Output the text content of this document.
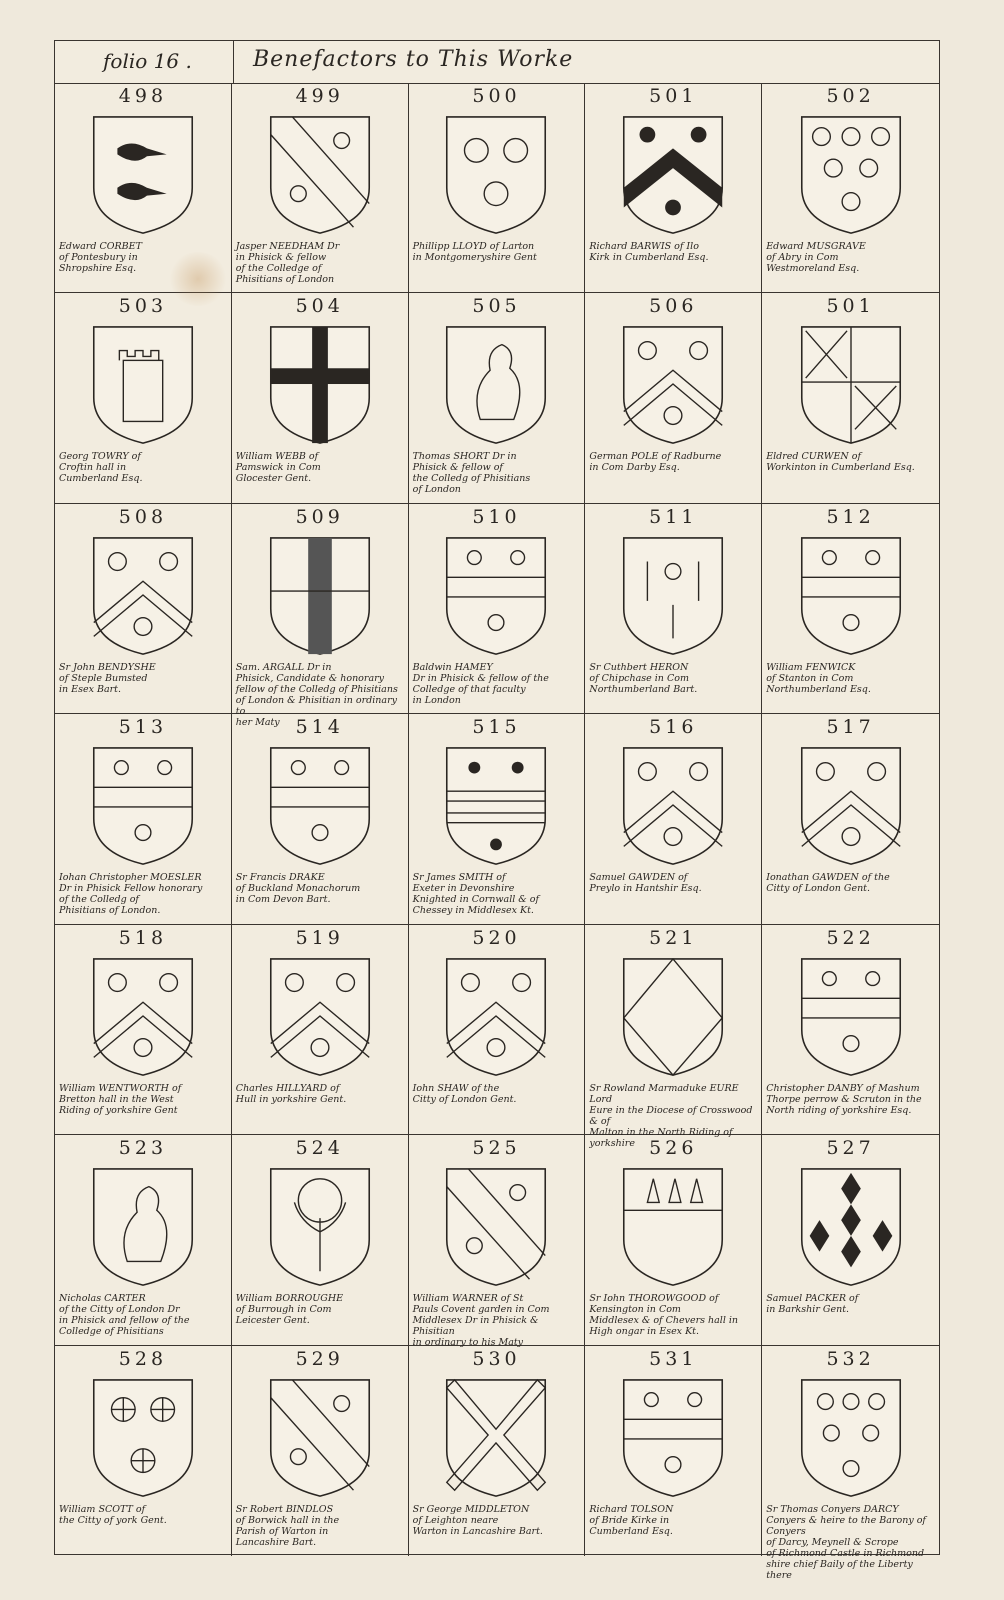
folio 16 .	Benefactors to This Worke
498
Edward CORBET
of Pontesbury in
Shropshire Esq.
499
Jasper NEEDHAM Dr
in Phisick & fellow
of the Colledge of
Phisitians of London
500
Phillipp LLOYD of Larton
in Montgomeryshire Gent
501
Richard BARWIS of Ilo
Kirk in Cumberland Esq.
502
Edward MUSGRAVE
of Abry in Com
Westmoreland Esq.
503
Georg TOWRY of
Croftin hall in
Cumberland Esq.
504
William WEBB of
Pamswick in Com
Glocester Gent.
505
Thomas SHORT Dr in
Phisick & fellow of
the Colledg of Phisitians
of London
506
German POLE of Radburne
in Com Darby Esq.
501
Eldred CURWEN of
Workinton in Cumberland Esq.
508
Sr John BENDYSHE
of Steple Bumsted
in Esex Bart.
509
Sam. ARGALL Dr in
Phisick, Candidate & honorary
fellow of the Colledg of Phisitians
of London & Phisitian in ordinary to
her Maty
510
Baldwin HAMEY
Dr in Phisick & fellow of the
Colledge of that faculty
in London
511
Sr Cuthbert HERON
of Chipchase in Com
Northumberland Bart.
512
William FENWICK
of Stanton in Com
Northumberland Esq.
513
Iohan Christopher MOESLER
Dr in Phisick Fellow honorary
of the Colledg of
Phisitians of London.
514
Sr Francis DRAKE
of Buckland Monachorum
in Com Devon Bart.
515
Sr James SMITH of
Exeter in Devonshire
Knighted in Cornwall & of
Chessey in Middlesex Kt.
516
Samuel GAWDEN of
Preylo in Hantshir Esq.
517
Ionathan GAWDEN of the
Citty of London Gent.
518
William WENTWORTH of
Bretton hall in the West
Riding of yorkshire Gent
519
Charles HILLYARD of
Hull in yorkshire Gent.
520
Iohn SHAW of the
Citty of London Gent.
521
Sr Rowland Marmaduke EURE Lord
Eure in the Diocese of Crosswood & of
Malton in the North Riding of yorkshire
522
Christopher DANBY of Mashum
Thorpe perrow & Scruton in the
North riding of yorkshire Esq.
523
Nicholas CARTER
of the Citty of London Dr
in Phisick and fellow of the
Colledge of Phisitians
524
William BORROUGHE
of Burrough in Com
Leicester Gent.
525
William WARNER of St
Pauls Covent garden in Com
Middlesex Dr in Phisick & Phisitian
in ordinary to his Maty
526
Sr Iohn THOROWGOOD of
Kensington in Com
Middlesex & of Chevers hall in
High ongar in Esex Kt.
527
Samuel PACKER of
in Barkshir Gent.
528
William SCOTT of
the Citty of york Gent.
529
Sr Robert BINDLOS
of Borwick hall in the
Parish of Warton in
Lancashire Bart.
530
Sr George MIDDLETON
of Leighton neare
Warton in Lancashire Bart.
531
Richard TOLSON
of Bride Kirke in
Cumberland Esq.
532
Sr Thomas Conyers DARCY
Conyers & heire to the Barony of Conyers
of Darcy, Meynell & Scrope
of Richmond Castle in Richmond
shire chief Baily of the Liberty there
